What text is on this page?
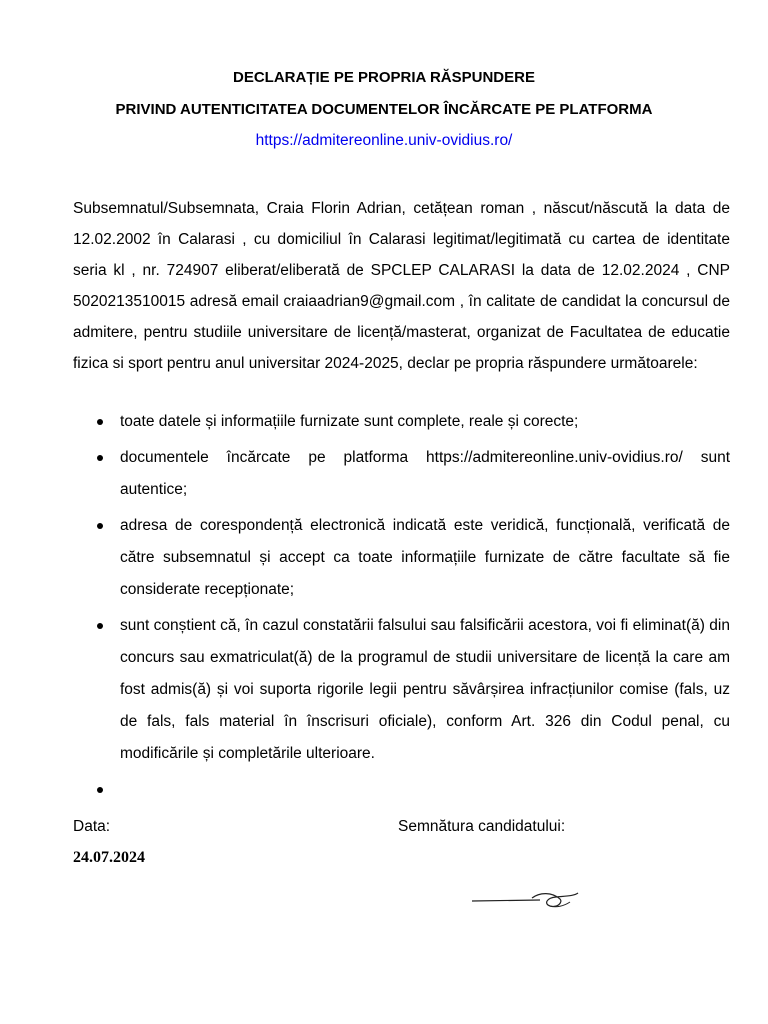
DECLARAȚIE PE PROPRIA RĂSPUNDERE
PRIVIND AUTENTICITATEA DOCUMENTELOR ÎNCĂRCATE PE PLATFORMA
https://admitereonline.univ-ovidius.ro/
Subsemnatul/Subsemnata, Craia Florin Adrian, cetățean roman , născut/născută la data de 12.02.2002 în Calarasi , cu domiciliul în Calarasi legitimat/legitimată cu cartea de identitate seria kl , nr. 724907 eliberat/eliberată de SPCLEP CALARASI la data de 12.02.2024 , CNP 5020213510015 adresă email craiaadrian9@gmail.com , în calitate de candidat la concursul de admitere, pentru studiile universitare de licență/masterat, organizat de Facultatea de educatie fizica si sport pentru anul universitar 2024-2025, declar pe propria răspundere următoarele:
toate datele și informațiile furnizate sunt complete, reale și corecte;
documentele încărcate pe platforma https://admitereonline.univ-ovidius.ro/ sunt autentice;
adresa de corespondență electronică indicată este veridică, funcțională, verificată de către subsemnatul și accept ca toate informațiile furnizate de către facultate să fie considerate recepționate;
sunt conștient că, în cazul constatării falsului sau falsificării acestora, voi fi eliminat(ă) din concurs sau exmatriculat(ă) de la programul de studii universitare de licență la care am fost admis(ă) și voi suporta rigorile legii pentru săvârșirea infracțiunilor comise (fals, uz de fals, fals material în înscrisuri oficiale), conform Art. 326 din Codul penal, cu modificările și completările ulterioare.
Data:	Semnătura candidatului:
24.07.2024
